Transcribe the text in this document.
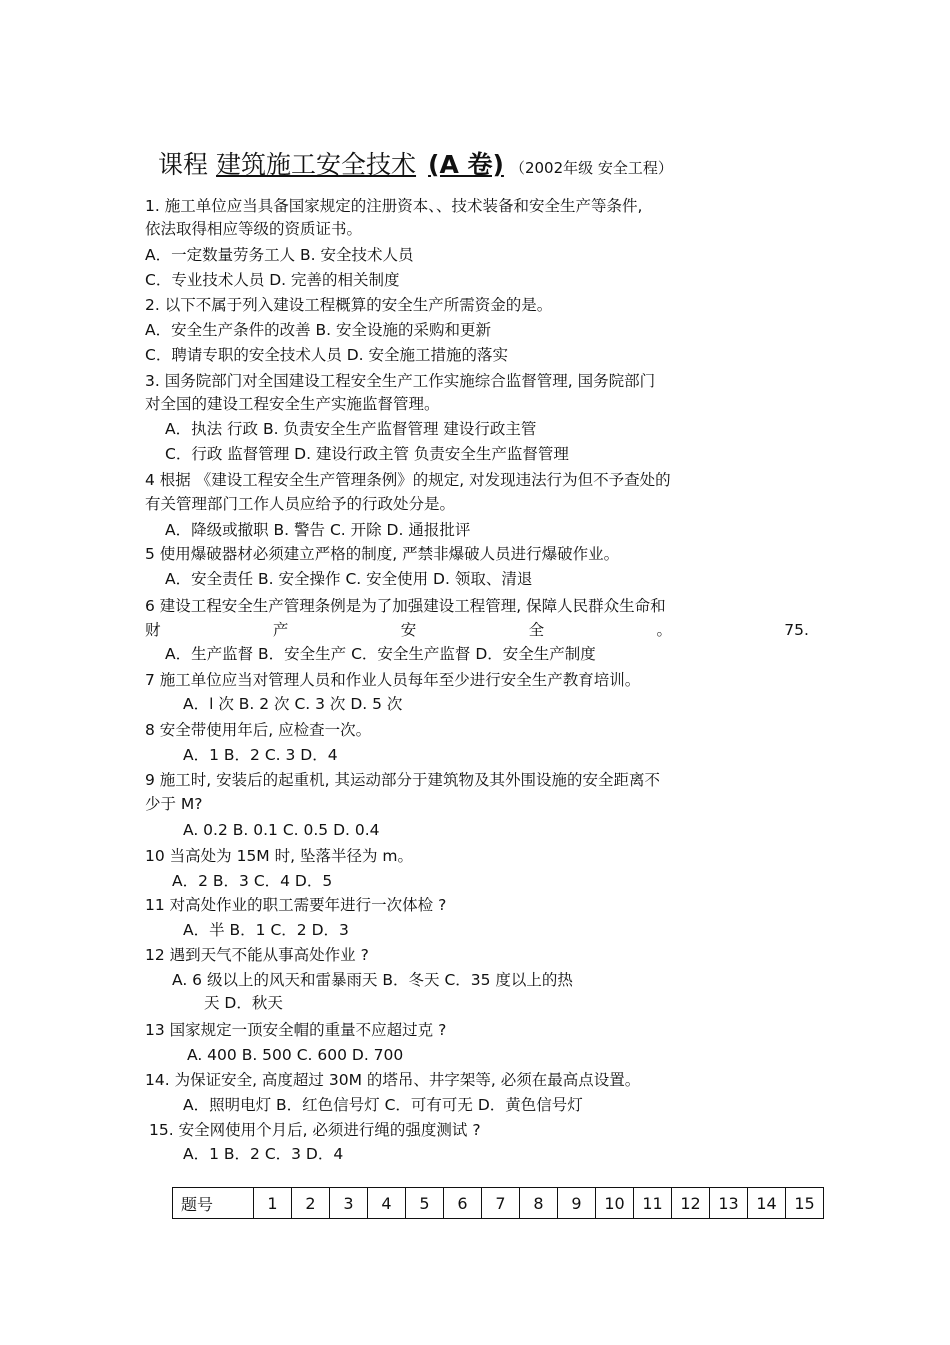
课程 建筑施工安全技术 (A 卷) （2002年级 安全工程）
1. 施工单位应当具备国家规定的注册资本、、技术装备和安全生产等条件,
依法取得相应等级的资质证书。
A．一定数量劳务工人 B. 安全技术人员
C．专业技术人员 D. 完善的相关制度
2. 以下不属于列入建设工程概算的安全生产所需资金的是。
A．安全生产条件的改善 B. 安全设施的采购和更新
C．聘请专职的安全技术人员 D. 安全施工措施的落实
3. 国务院部门对全国建设工程安全生产工作实施综合监督管理, 国务院部门
对全国的建设工程安全生产实施监督管理。
A．执法 行政 B. 负责安全生产监督管理 建设行政主管
C．行政 监督管理 D. 建设行政主管 负责安全生产监督管理
4 根据 《建设工程安全生产管理条例》的规定, 对发现违法行为但不予查处的
有关管理部门工作人员应给予的行政处分是。
A．降级或撤职 B. 警告 C. 开除 D. 通报批评
5 使用爆破器材必须建立严格的制度, 严禁非爆破人员进行爆破作业。
A．安全责任 B. 安全操作 C. 安全使用 D. 领取、清退
6 建设工程安全生产管理条例是为了加强建设工程管理, 保障人民群众生命和
财	产	安	全	。	75.
A．生产监督 B．安全生产 C．安全生产监督 D．安全生产制度
7 施工单位应当对管理人员和作业人员每年至少进行安全生产教育培训。
A．l 次 B. 2 次 C. 3 次 D. 5 次
8 安全带使用年后, 应检查一次。
A．1 B．2 C. 3 D．4
9 施工时, 安装后的起重机, 其运动部分于建筑物及其外围设施的安全距离不
少于 M?
A. 0.2 B. 0.1 C. 0.5 D. 0.4
10 当高处为 15M 时, 坠落半径为 m。
A．2 B．3 C．4 D．5
11 对高处作业的职工需要年进行一次体检 ?
A．半 B．1 C．2 D．3
12 遇到天气不能从事高处作业 ?
A. 6 级以上的风天和雷暴雨天 B．冬天 C．35 度以上的热
天 D．秋天
13 国家规定一顶安全帽的重量不应超过克 ?
A. 400 B. 500 C. 600 D. 700
14. 为保证安全, 高度超过 30M 的塔吊、井字架等, 必须在最高点设置。
A．照明电灯 B．红色信号灯 C．可有可无 D．黄色信号灯
15. 安全网使用个月后, 必须进行绳的强度测试 ?
A．1 B．2 C．3 D．4
题号	1	2	3	4	5	6	7	8	9	10	11	12	13	14	15
